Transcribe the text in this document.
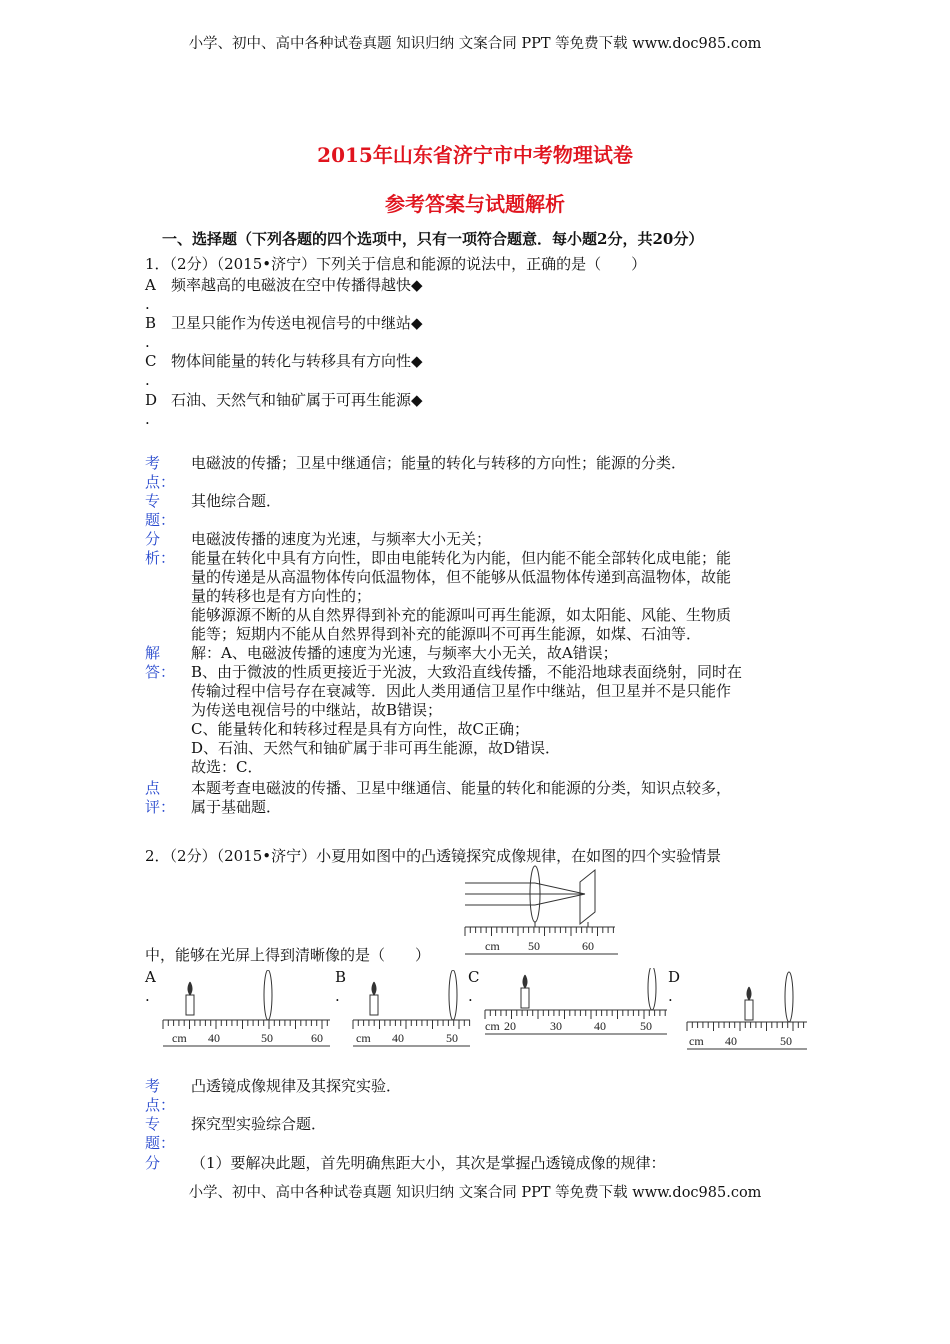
小学、初中、高中各种试卷真题 知识归纳 文案合同 PPT 等免费下载 www.doc985.com
2015年山东省济宁市中考物理试卷
参考答案与试题解析
一、选择题（下列各题的四个选项中，只有一项符合题意．每小题2分，共20分）
1．（2分）（2015•济宁）下列关于信息和能源的说法中，正确的是（　　）
A 频率越高的电磁波在空中传播得越快◆
.
B 卫星只能作为传送电视信号的中继站◆
.
C 物体间能量的转化与转移具有方向性◆
.
D 石油、天然气和铀矿属于可再生能源◆
.
考
点：
电磁波的传播；卫星中继通信；能量的转化与转移的方向性；能源的分类．
专
题：
其他综合题．
分
析：
电磁波传播的速度为光速，与频率大小无关；
能量在转化中具有方向性，即由电能转化为内能，但内能不能全部转化成电能；能
量的传递是从高温物体传向低温物体，但不能够从低温物体传递到高温物体，故能
量的转移也是有方向性的；
能够源源不断的从自然界得到补充的能源叫可再生能源，如太阳能、风能、生物质
能等；短期内不能从自然界得到补充的能源叫不可再生能源，如煤、石油等．
解
答：
解：A、电磁波传播的速度为光速，与频率大小无关，故A错误；
B、由于微波的性质更接近于光波，大致沿直线传播，不能沿地球表面绕射，同时在
传输过程中信号存在衰减等．因此人类用通信卫星作中继站，但卫星并不是只能作
为传送电视信号的中继站，故B错误；
C、能量转化和转移过程是具有方向性，故C正确；
D、石油、天然气和铀矿属于非可再生能源，故D错误．
故选：C．
点
评：
本题考查电磁波的传播、卫星中继通信、能量的转化和能源的分类，知识点较多，
属于基础题．
2．（2分）（2015•济宁）小夏用如图中的凸透镜探究成像规律，在如图的四个实验情景
cm 50	60
中，能够在光屏上得到清晰像的是（　　）
A
.
cm 40	50	60
B
.
cm 40	50
C
.
cm 20	30	40	50
D
.
cm 40	50
考
点：
凸透镜成像规律及其探究实验．
专
题：
探究型实验综合题．
分	（1）要解决此题，首先明确焦距大小，其次是掌握凸透镜成像的规律：
小学、初中、高中各种试卷真题 知识归纳 文案合同 PPT 等免费下载 www.doc985.com
